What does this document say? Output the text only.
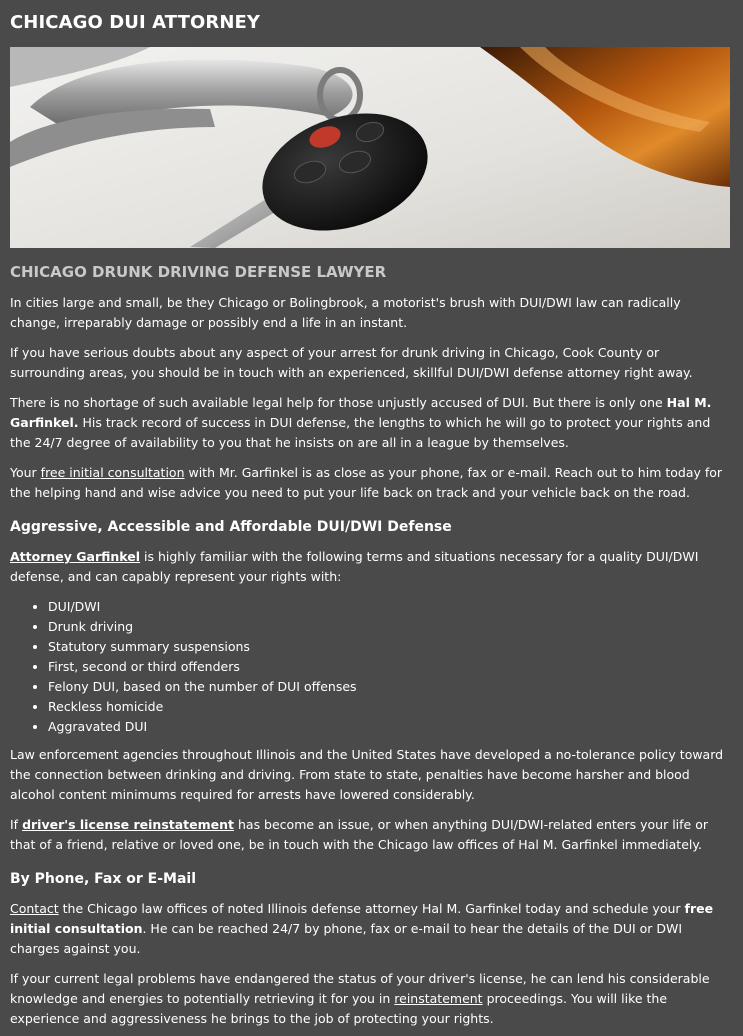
CHICAGO DUI ATTORNEY
CHICAGO DRUNK DRIVING DEFENSE LAWYER

In cities large and small, be they Chicago or Bolingbrook, a motorist's brush with DUI/DWI law can radically change, irreparably damage or possibly end a life in an instant.

If you have serious doubts about any aspect of your arrest for drunk driving in Chicago, Cook County or surrounding areas, you should be in touch with an experienced, skillful DUI/DWI defense attorney right away.

There is no shortage of such available legal help for those unjustly accused of DUI. But there is only one Hal M. Garfinkel. His track record of success in DUI defense, the lengths to which he will go to protect your rights and the 24/7 degree of availability to you that he insists on are all in a league by themselves.

Your free initial consultation with Mr. Garfinkel is as close as your phone, fax or e-mail. Reach out to him today for the helping hand and wise advice you need to put your life back on track and your vehicle back on the road.

Aggressive, Accessible and Affordable DUI/DWI Defense

Attorney Garfinkel is highly familiar with the following terms and situations necessary for a quality DUI/DWI defense, and can capably represent your rights with:

• DUI/DWI
• Drunk driving
• Statutory summary suspensions
• First, second or third offenders
• Felony DUI, based on the number of DUI offenses
• Reckless homicide
• Aggravated DUI

Law enforcement agencies throughout Illinois and the United States have developed a no-tolerance policy toward the connection between drinking and driving. From state to state, penalties have become harsher and blood alcohol content minimums required for arrests have lowered considerably.

If driver's license reinstatement has become an issue, or when anything DUI/DWI-related enters your life or that of a friend, relative or loved one, be in touch with the Chicago law offices of Hal M. Garfinkel immediately.

By Phone, Fax or E-Mail

Contact the Chicago law offices of noted Illinois defense attorney Hal M. Garfinkel today and schedule your free initial consultation. He can be reached 24/7 by phone, fax or e-mail to hear the details of the DUI or DWI charges against you.

If your current legal problems have endangered the status of your driver's license, he can lend his considerable knowledge and energies to potentially retrieving it for you in reinstatement proceedings. You will like the experience and aggressiveness he brings to the job of protecting your rights.
